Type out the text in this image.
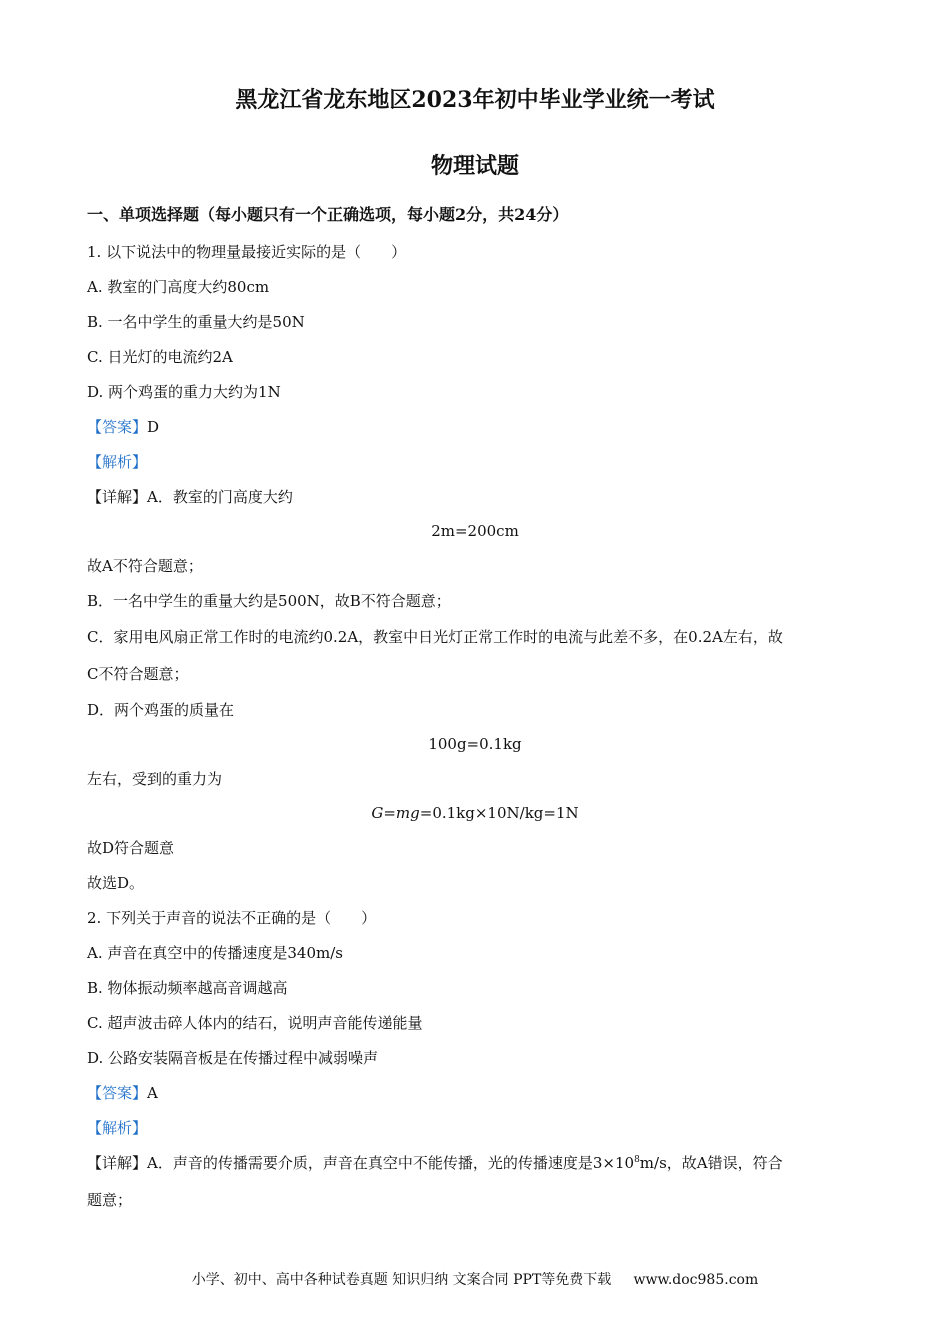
黑龙江省龙东地区2023年初中毕业学业统一考试
物理试题
一、单项选择题（每小题只有一个正确选项，每小题2分，共24分）
1. 以下说法中的物理量最接近实际的是（　　）
A. 教室的门高度大约80cm
B. 一名中学生的重量大约是50N
C. 日光灯的电流约2A
D. 两个鸡蛋的重力大约为1N
【答案】D
【解析】
【详解】A．教室的门高度大约
2m=200cm
故A不符合题意；
B．一名中学生的重量大约是500N，故B不符合题意；
C．家用电风扇正常工作时的电流约0.2A，教室中日光灯正常工作时的电流与此差不多，在0.2A左右，故
C不符合题意；
D．两个鸡蛋的质量在
100g=0.1kg
左右，受到的重力为
G=mg=0.1kg×10N/kg=1N
故D符合题意
故选D。
2. 下列关于声音的说法不正确的是（　　）
A. 声音在真空中的传播速度是340m/s
B. 物体振动频率越高音调越高
C. 超声波击碎人体内的结石，说明声音能传递能量
D. 公路安装隔音板是在传播过程中减弱噪声
【答案】A
【解析】
【详解】A．声音的传播需要介质，声音在真空中不能传播，光的传播速度是$3\times 10^8m/s$，故A错误，符合
题意；
小学、初中、高中各种试卷真题 知识归纳 文案合同 PPT等免费下载 www.doc985.com
